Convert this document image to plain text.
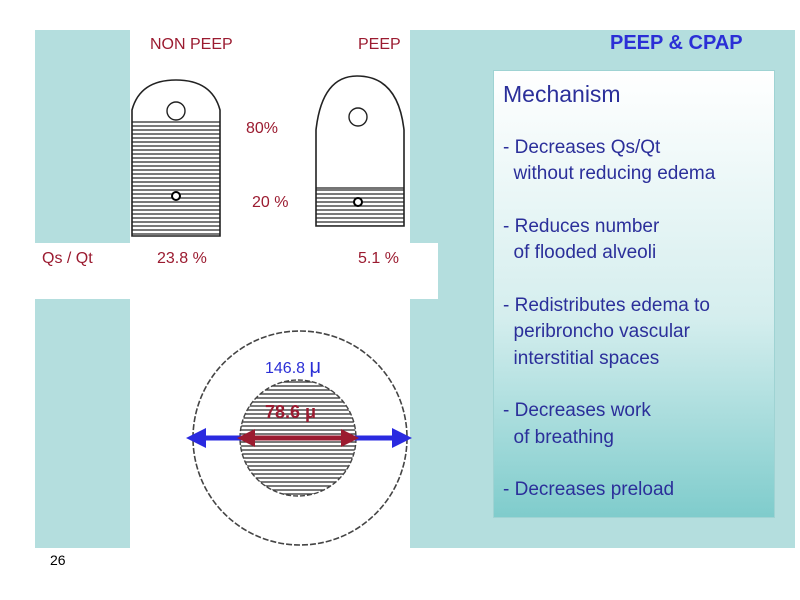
NON PEEP	PEEP
80%
20 %
Qs / Qt	23.8 %	5.1 %
146.8 μ
78.6 μ
PEEP & CPAP
Mechanism
- Decreases Qs/Qt
without reducing edema
- Reduces number
of flooded alveoli
- Redistributes edema to
peribroncho vascular
interstitial spaces
- Decreases work
of breathing
- Decreases preload
26
